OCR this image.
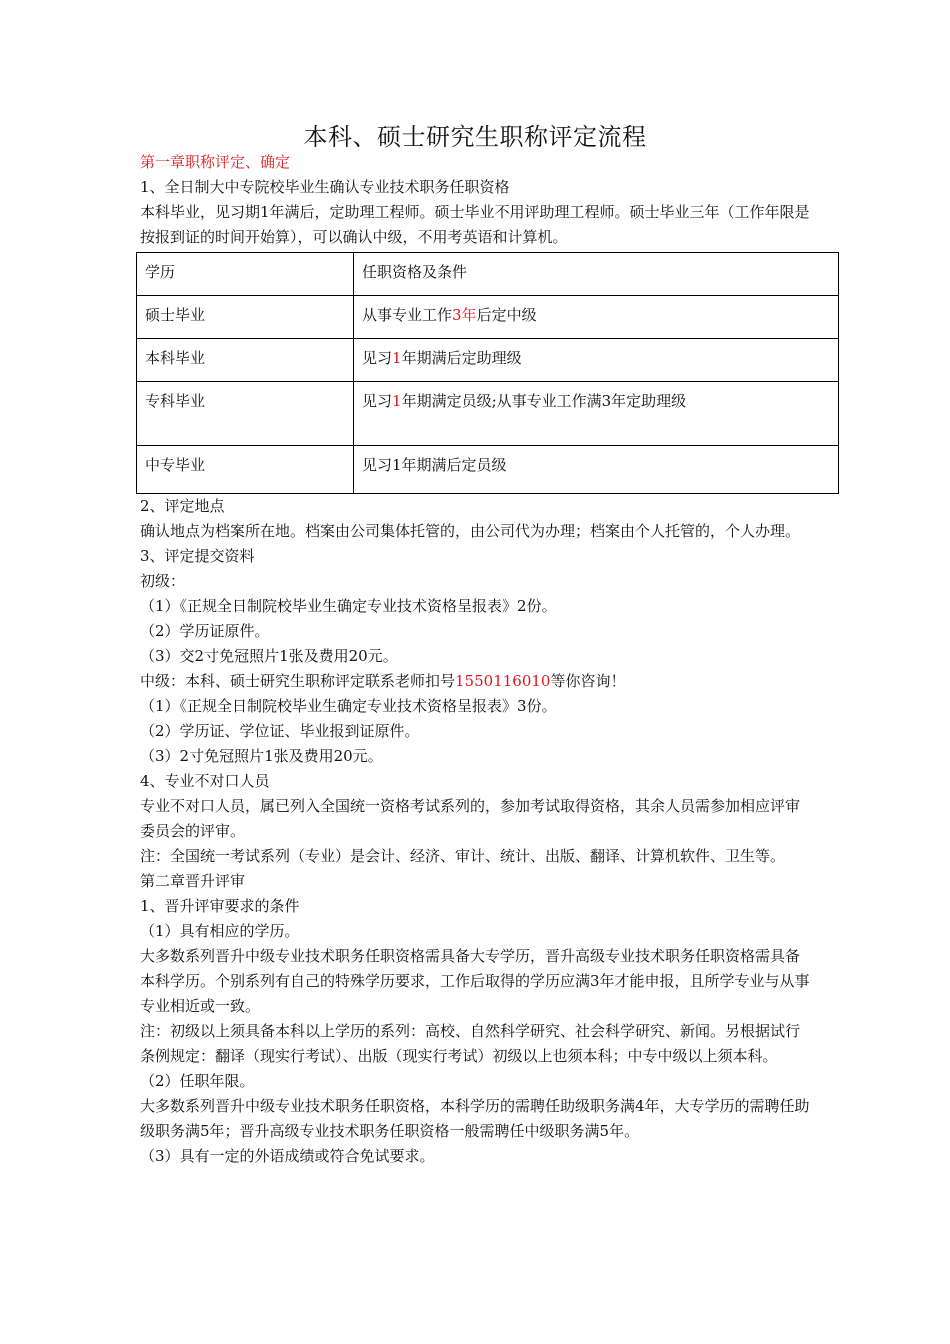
本科、硕士研究生职称评定流程

第一章职称评定、确定

1、全日制大中专院校毕业生确认专业技术职务任职资格

本科毕业，见习期1年满后，定助理工程师。硕士毕业不用评助理工程师。硕士毕业三年（工作年限是按报到证的时间开始算），可以确认中级，不用考英语和计算机。

学历	任职资格及条件
硕士毕业	从事专业工作3年后定中级
本科毕业	见习1年期满后定助理级
专科毕业	见习1年期满定员级;从事专业工作满3年定助理级
中专毕业	见习1年期满后定员级

2、评定地点

确认地点为档案所在地。档案由公司集体托管的，由公司代为办理；档案由个人托管的，个人办理。

3、评定提交资料

初级：

（1）《正规全日制院校毕业生确定专业技术资格呈报表》2份。

（2）学历证原件。

（3）交2寸免冠照片1张及费用20元。

中级：本科、硕士研究生职称评定联系老师扣号1550116010等你咨询！

（1）《正规全日制院校毕业生确定专业技术资格呈报表》3份。

（2）学历证、学位证、毕业报到证原件。

（3）2寸免冠照片1张及费用20元。

4、专业不对口人员

专业不对口人员，属已列入全国统一资格考试系列的，参加考试取得资格，其余人员需参加相应评审委员会的评审。

注：全国统一考试系列（专业）是会计、经济、审计、统计、出版、翻译、计算机软件、卫生等。

第二章晋升评审

1、晋升评审要求的条件

（1）具有相应的学历。

大多数系列晋升中级专业技术职务任职资格需具备大专学历，晋升高级专业技术职务任职资格需具备本科学历。个别系列有自己的特殊学历要求，工作后取得的学历应满3年才能申报，且所学专业与从事专业相近或一致。

注：初级以上须具备本科以上学历的系列：高校、自然科学研究、社会科学研究、新闻。另根据试行条例规定：翻译（现实行考试）、出版（现实行考试）初级以上也须本科；中专中级以上须本科。

（2）任职年限。

大多数系列晋升中级专业技术职务任职资格，本科学历的需聘任助级职务满4年，大专学历的需聘任助级职务满5年；晋升高级专业技术职务任职资格一般需聘任中级职务满5年。

（3）具有一定的外语成绩或符合免试要求。
